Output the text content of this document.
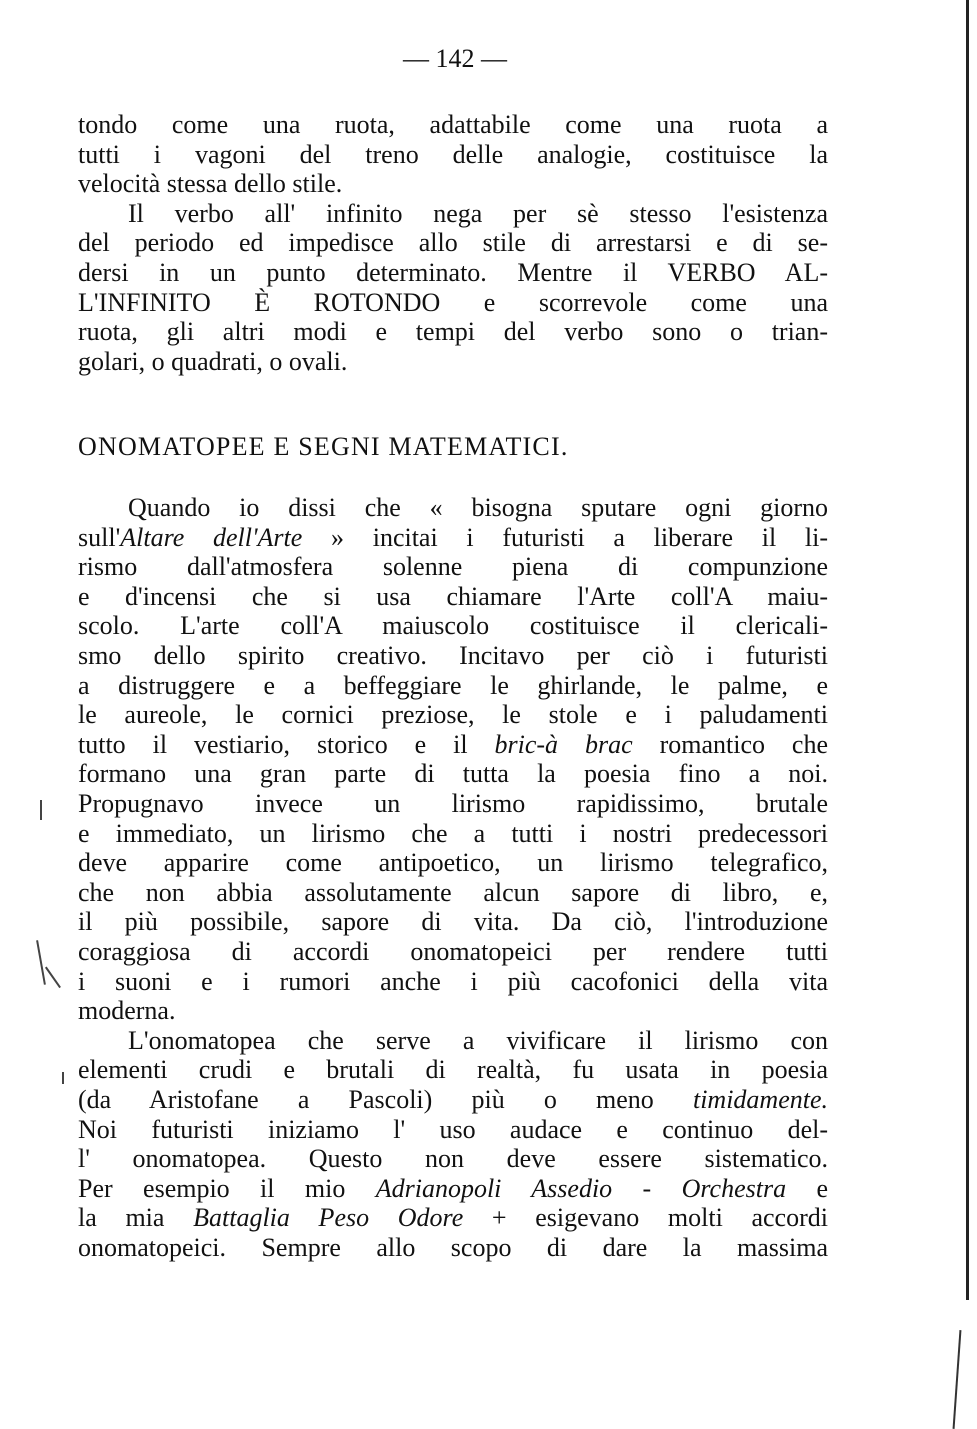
— 142 —
ONOMATOPEE E SEGNI MATEMATICI.
tondo come una ruota, adattabile come una ruota a
tutti i vagoni del treno delle analogie, costituisce la
velocità stessa dello stile.
Il verbo all' infinito nega per sè stesso l'esistenza
del periodo ed impedisce allo stile di arrestarsi e di se-
dersi in un punto determinato. Mentre il VERBO AL-
L'INFINITO È ROTONDO e scorrevole come una
ruota, gli altri modi e tempi del verbo sono o trian-
golari, o quadrati, o ovali.
Quando io dissi che « bisogna sputare ogni giorno
sull'Altare dell'Arte » incitai i futuristi a liberare il li-
rismo dall'atmosfera solenne piena di compunzione
e d'incensi che si usa chiamare l'Arte coll'A maiu-
scolo. L'arte coll'A maiuscolo costituisce il clericali-
smo dello spirito creativo. Incitavo per ciò i futuristi
a distruggere e a beffeggiare le ghirlande, le palme, e
le aureole, le cornici preziose, le stole e i paludamenti
tutto il vestiario, storico e il bric-à brac romantico che
formano una gran parte di tutta la poesia fino a noi.
Propugnavo invece un lirismo rapidissimo, brutale
e immediato, un lirismo che a tutti i nostri predecessori
deve apparire come antipoetico, un lirismo telegrafico,
che non abbia assolutamente alcun sapore di libro, e,
il più possibile, sapore di vita. Da ciò, l'introduzione
coraggiosa di accordi onomatopeici per rendere tutti
i suoni e i rumori anche i più cacofonici della vita
moderna.
L'onomatopea che serve a vivificare il lirismo con
elementi crudi e brutali di realtà, fu usata in poesia
(da Aristofane a Pascoli) più o meno timidamente.
Noi futuristi iniziamo l' uso audace e continuo del-
l' onomatopea. Questo non deve essere sistematico.
Per esempio il mio Adrianopoli Assedio - Orchestra e
la mia Battaglia Peso Odore + esigevano molti accordi
onomatopeici. Sempre allo scopo di dare la massima
